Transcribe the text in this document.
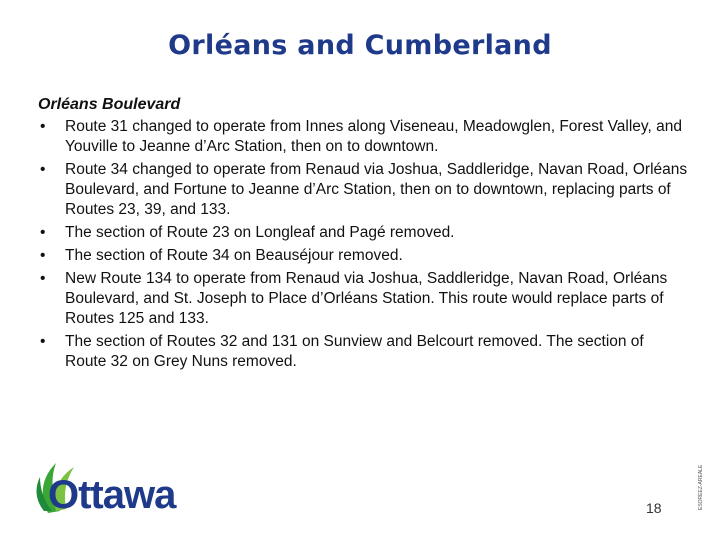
Orléans and Cumberland
Orléans Boulevard
• Route 31 changed to operate from Innes along Viseneau, Meadowglen, Forest Valley, and Youville to Jeanne d’Arc Station, then on to downtown.
• Route 34 changed to operate from Renaud via Joshua, Saddleridge, Navan Road, Orléans Boulevard, and Fortune to Jeanne d’Arc Station, then on to downtown, replacing parts of Routes 23, 39, and 133.
• The section of Route 23 on Longleaf and Pagé removed.
• The section of Route 34 on Beauséjour removed.
• New Route 134 to operate from Renaud via Joshua, Saddleridge, Navan Road, Orléans Boulevard, and St. Joseph to Place d’Orléans Station. This route would replace parts of Routes 125 and 133.
• The section of Routes 32 and 131 on Sunview and Belcourt removed. The section of Route 32 on Grey Nuns removed.
Ottawa	18	ESOREEZ-AREALE
